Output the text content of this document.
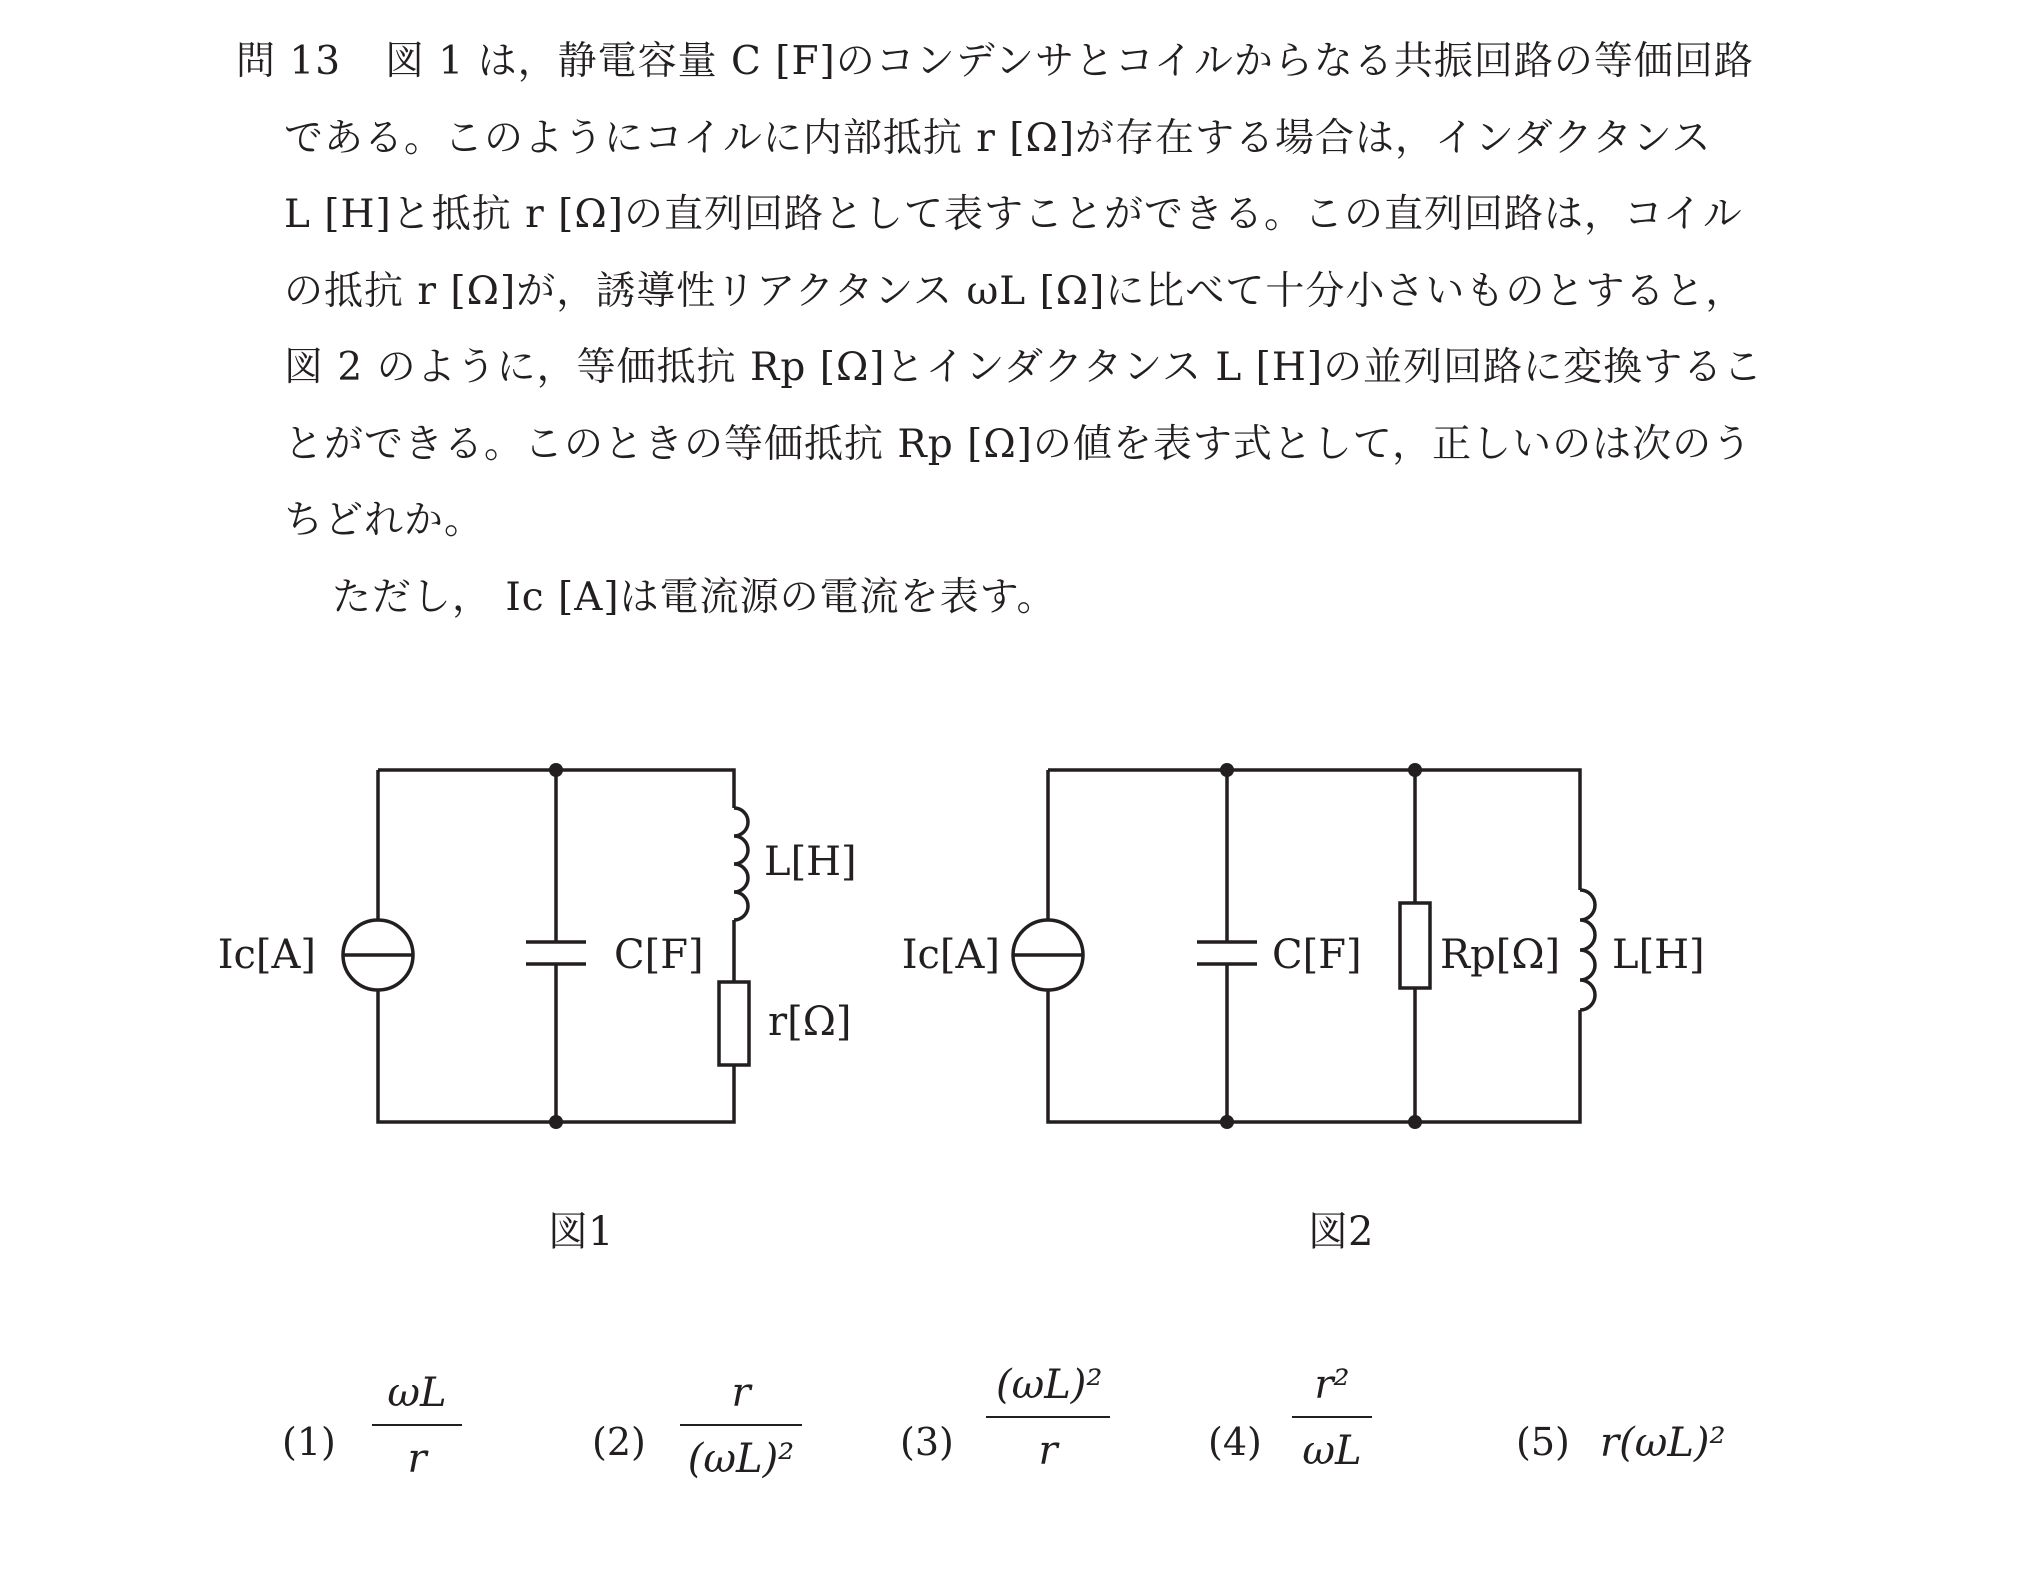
問 13 図 1 は，静電容量 C [F]のコンデンサとコイルからなる共振回路の等価回路
である。このようにコイルに内部抵抗 r [Ω]が存在する場合は，インダクタンス
L [H]と抵抗 r [Ω]の直列回路として表すことができる。この直列回路は，コイル
の抵抗 r [Ω]が，誘導性リアクタンス ωL [Ω]に比べて十分小さいものとすると，
図 2 のように，等価抵抗 Rp [Ω]とインダクタンス L [H]の並列回路に変換するこ
とができる。このときの等価抵抗 Rp [Ω]の値を表す式として，正しいのは次のう
ちどれか。
ただし， Ic [A]は電流源の電流を表す。
Ic[A]	C[F]
L[H]
r[Ω]
Ic[A]	C[F] Rp[Ω] L[H]
図1	図2
$(1) \frac{\omega L}{r}$	$(2) \frac{r}{\text{(ωL)²}}$	$(3) \frac{\text{(ωL)²}}{r}$	$(4) \frac{\text{r²}}{\omega L}$	(5) r(ωL)²
